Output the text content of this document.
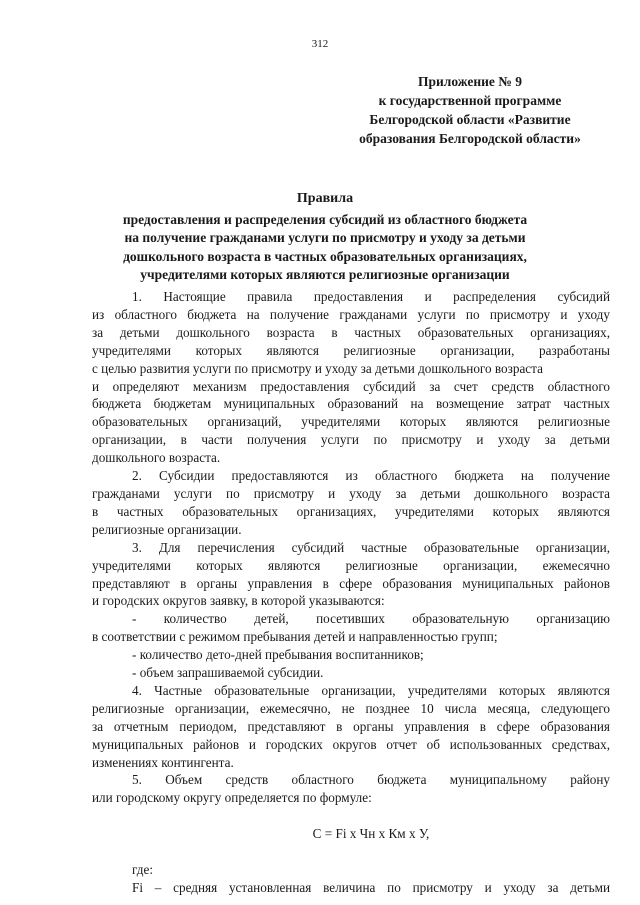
312
Приложение № 9
к государственной программе
Белгородской области «Развитие
образования Белгородской области»
Правила
предоставления и распределения субсидий из областного бюджета
на получение гражданами услуги по присмотру и уходу за детьми
дошкольного возраста в частных образовательных организациях,
учредителями которых являются религиозные организации
1. Настоящие правила предоставления и распределения субсидий
из областного бюджета на получение гражданами услуги по присмотру и уходу
за детьми дошкольного возраста в частных образовательных организациях,
учредителями которых являются религиозные организации, разработаны
с целью развития услуги по присмотру и уходу за детьми дошкольного возраста
и определяют механизм предоставления субсидий за счет средств областного
бюджета бюджетам муниципальных образований на возмещение затрат частных
образовательных организаций, учредителями которых являются религиозные
организации, в части получения услуги по присмотру и уходу за детьми
дошкольного возраста.
2. Субсидии предоставляются из областного бюджета на получение
гражданами услуги по присмотру и уходу за детьми дошкольного возраста
в частных образовательных организациях, учредителями которых являются
религиозные организации.
3. Для перечисления субсидий частные образовательные организации,
учредителями которых являются религиозные организации, ежемесячно
представляют в органы управления в сфере образования муниципальных районов
и городских округов заявку, в которой указываются:
- количество детей, посетивших образовательную организацию
в соответствии с режимом пребывания детей и направленностью групп;
- количество дето-дней пребывания воспитанников;
- объем запрашиваемой субсидии.
4. Частные образовательные организации, учредителями которых являются
религиозные организации, ежемесячно, не позднее 10 числа месяца, следующего
за отчетным периодом, представляют в органы управления в сфере образования
муниципальных районов и городских округов отчет об использованных средствах,
изменениях контингента.
5. Объем средств областного бюджета муниципальному району
или городскому округу определяется по формуле:
С = Fi х Чн х Км х У,
где:
Fi – средняя установленная величина по присмотру и уходу за детьми
